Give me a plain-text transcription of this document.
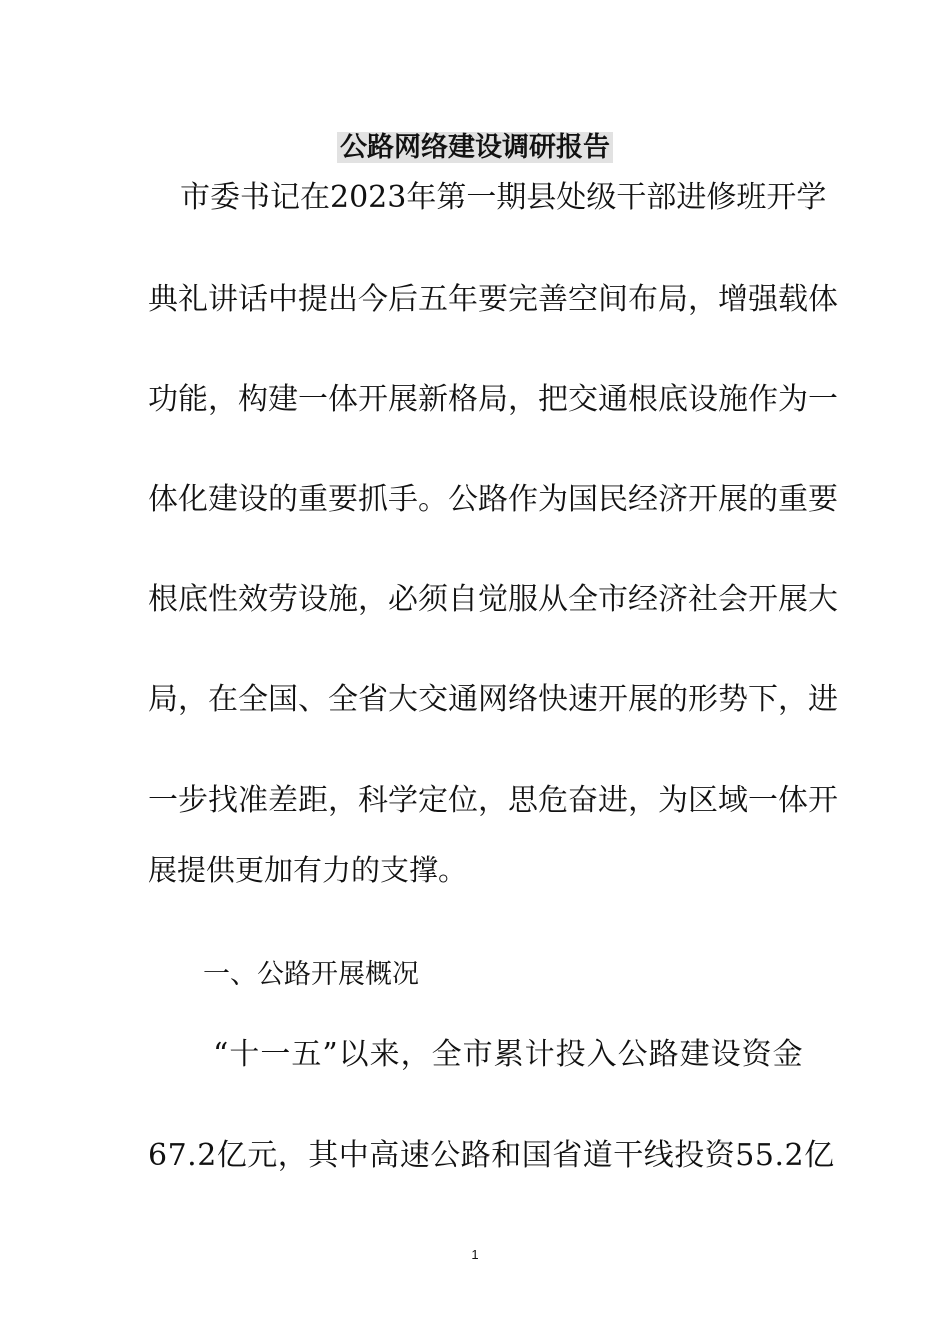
公路网络建设调研报告
市委书记在2023年第一期县处级干部进修班开学
典礼讲话中提出今后五年要完善空间布局，增强载体
功能，构建一体开展新格局，把交通根底设施作为一
体化建设的重要抓手。公路作为国民经济开展的重要
根底性效劳设施，必须自觉服从全市经济社会开展大
局，在全国、全省大交通网络快速开展的形势下，进
一步找准差距，科学定位，思危奋进，为区域一体开
展提供更加有力的支撑。
一、公路开展概况
“十一五”以来，全市累计投入公路建设资金
67.2亿元，其中高速公路和国省道干线投资55.2亿
1
